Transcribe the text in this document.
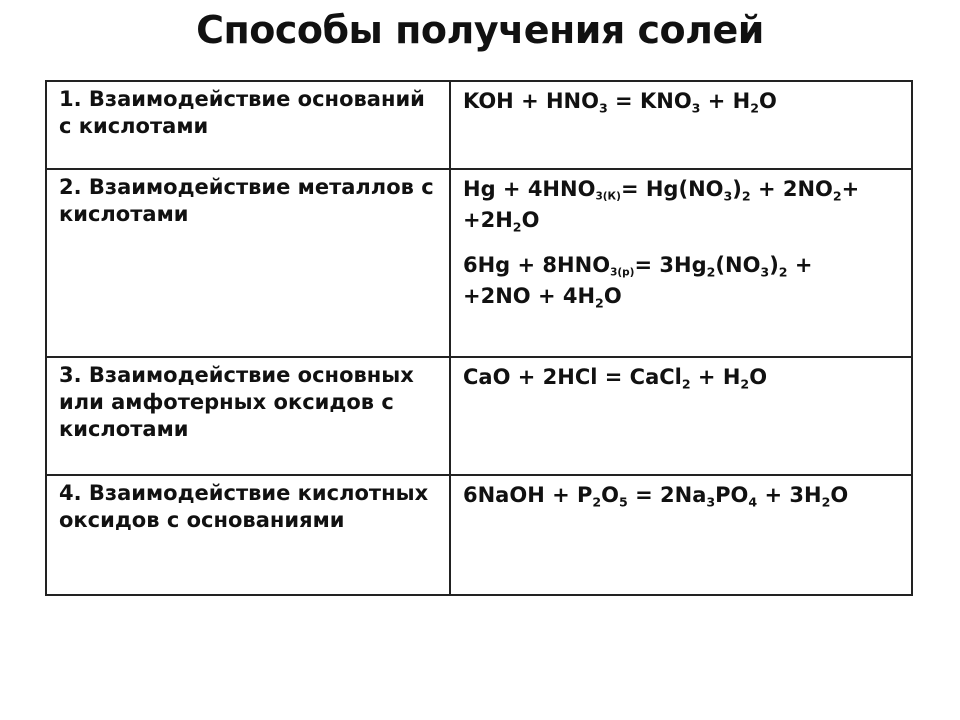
Способы получения солей
1. Взаимодействие оснований с кислотами	KOH + $HNO_3 = KNO_3 + H_2O$

2. Взаимодействие металлов с кислотами	$Hg + 4HNO_{3(К)}= Hg(NO_3)_2 + 2NO_2+$
$+2H_2O$
$6Hg + 8HNO_{3(р)}= 3Hg_2(NO_3)_2$ +
$+2NO + 4H_2O$

3. Взаимодействие основных или амфотерных оксидов с кислотами	CaO + 2HCl = CaCl$_2$ + $H_2O$

4. Взаимодействие кислотных оксидов с основаниями	6NaOH + $P_2O_5 = 2Na_3PO_4 + 3H_2O$
